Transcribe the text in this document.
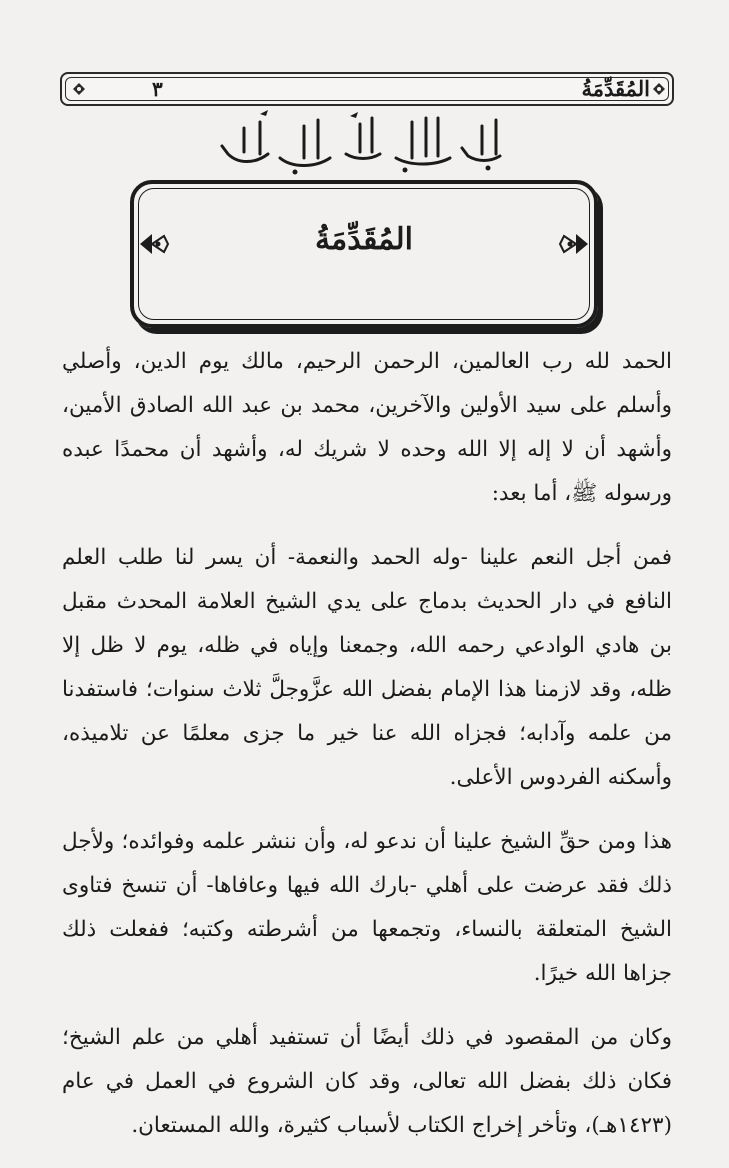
٣	المُقَدِّمَةُ
المُقَدِّمَةُ

الحمد لله رب العالمين، الرحمن الرحيم، مالك يوم الدين، وأصلي وأسلم على سيد الأولين والآخرين، محمد بن عبد الله الصادق الأمين، وأشهد أن لا إله إلا الله وحده لا شريك له، وأشهد أن محمدًا عبده ورسوله ﷺ، أما بعد:

فمن أجل النعم علينا -وله الحمد والنعمة- أن يسر لنا طلب العلم النافع في دار الحديث بدماج على يدي الشيخ العلامة المحدث مقبل بن هادي الوادعي رحمه الله، وجمعنا وإياه في ظله، يوم لا ظل إلا ظله، وقد لازمنا هذا الإمام بفضل الله عزَّوجلَّ ثلاث سنوات؛ فاستفدنا من علمه وآدابه؛ فجزاه الله عنا خير ما جزى معلمًا عن تلاميذه، وأسكنه الفردوس الأعلى.

هذا ومن حقِّ الشيخ علينا أن ندعو له، وأن ننشر علمه وفوائده؛ ولأجل ذلك فقد عرضت على أهلي -بارك الله فيها وعافاها- أن تنسخ فتاوى الشيخ المتعلقة بالنساء، وتجمعها من أشرطته وكتبه؛ ففعلت ذلك جزاها الله خيرًا.

وكان من المقصود في ذلك أيضًا أن تستفيد أهلي من علم الشيخ؛ فكان ذلك بفضل الله تعالى، وقد كان الشروع في العمل في عام (١٤٢٣هـ)، وتأخر إخراج الكتاب لأسباب كثيرة، والله المستعان.
